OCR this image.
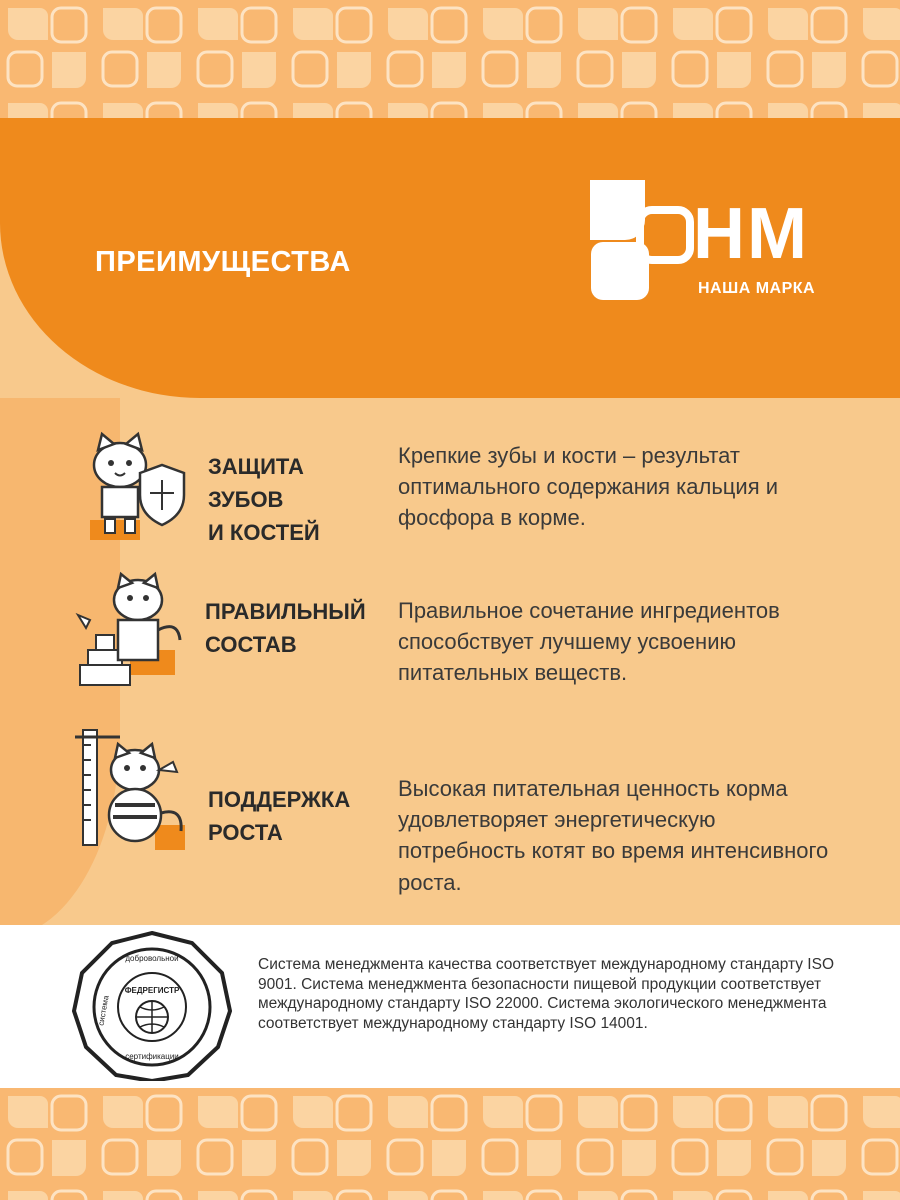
ПРЕИМУЩЕСТВА	НМ
НАША МАРКА
ЗАЩИТА
ЗУБОВ
И КОСТЕЙ
Крепкие зубы и кости – результат оптимального содержания кальция и фосфора в корме.
ПРАВИЛЬНЫЙ
СОСТАВ
Правильное сочетание ингредиентов способствует лучшему усвоению питательных веществ.
ПОДДЕРЖКА
РОСТА
Высокая питательная ценность корма удовлетворяет энергетическую потребность котят во время интенсивного роста.
ФЕДРЕГИСТР
добровольной
система
сертификации
Система менеджмента качества соответствует международному стандарту ISO 9001. Система менеджмента безопасности пищевой продукции соответствует международному стандарту ISO 22000. Система экологического менеджмента соответствует международному стандарту ISO 14001.
